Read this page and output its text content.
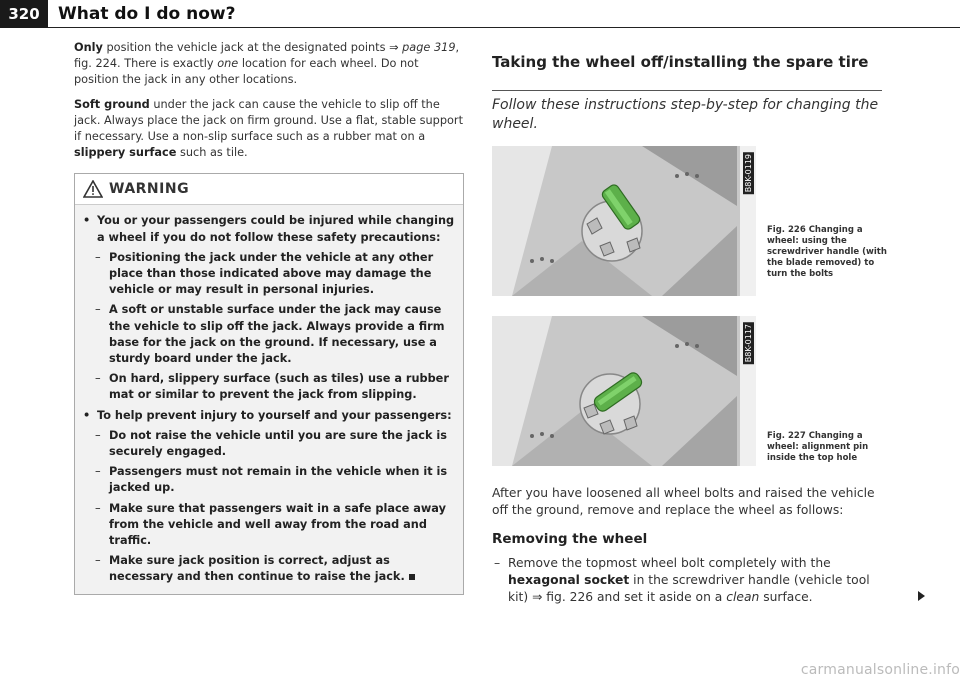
320	What do I do now?

Only position the vehicle jack at the designated points ⇒ page 319, fig. 224. There is exactly one location for each wheel. Do not position the jack in any other locations.

Soft ground under the jack can cause the vehicle to slip off the jack. Always place the jack on firm ground. Use a flat, stable support if necessary. Use a non-slip surface such as a rubber mat on a slippery surface such as tile.

WARNING
• You or your passengers could be injured while changing a wheel if you do not follow these safety precautions:
– Positioning the jack under the vehicle at any other place than those indicated above may damage the vehicle or may result in personal injuries.
– A soft or unstable surface under the jack may cause the vehicle to slip off the jack. Always provide a firm base for the jack on the ground. If necessary, use a sturdy board under the jack.
– On hard, slippery surface (such as tiles) use a rubber mat or similar to prevent the jack from slipping.
• To help prevent injury to yourself and your passengers:
– Do not raise the vehicle until you are sure the jack is securely engaged.
– Passengers must not remain in the vehicle when it is jacked up.
– Make sure that passengers wait in a safe place away from the vehicle and well away from the road and traffic.
– Make sure jack position is correct, adjust as necessary and then continue to raise the jack.
Taking the wheel off/installing the spare tire
Follow these instructions step-by-step for changing the wheel.
B8K-0119
Fig. 226 Changing a wheel: using the screwdriver handle (with the blade removed) to turn the bolts
B8K-0117
Fig. 227 Changing a wheel: alignment pin inside the top hole
After you have loosened all wheel bolts and raised the vehicle off the ground, remove and replace the wheel as follows:
Removing the wheel
– Remove the topmost wheel bolt completely with the hexagonal socket in the screwdriver handle (vehicle tool kit) ⇒ fig. 226 and set it aside on a clean surface.
carmanualsonline.info
